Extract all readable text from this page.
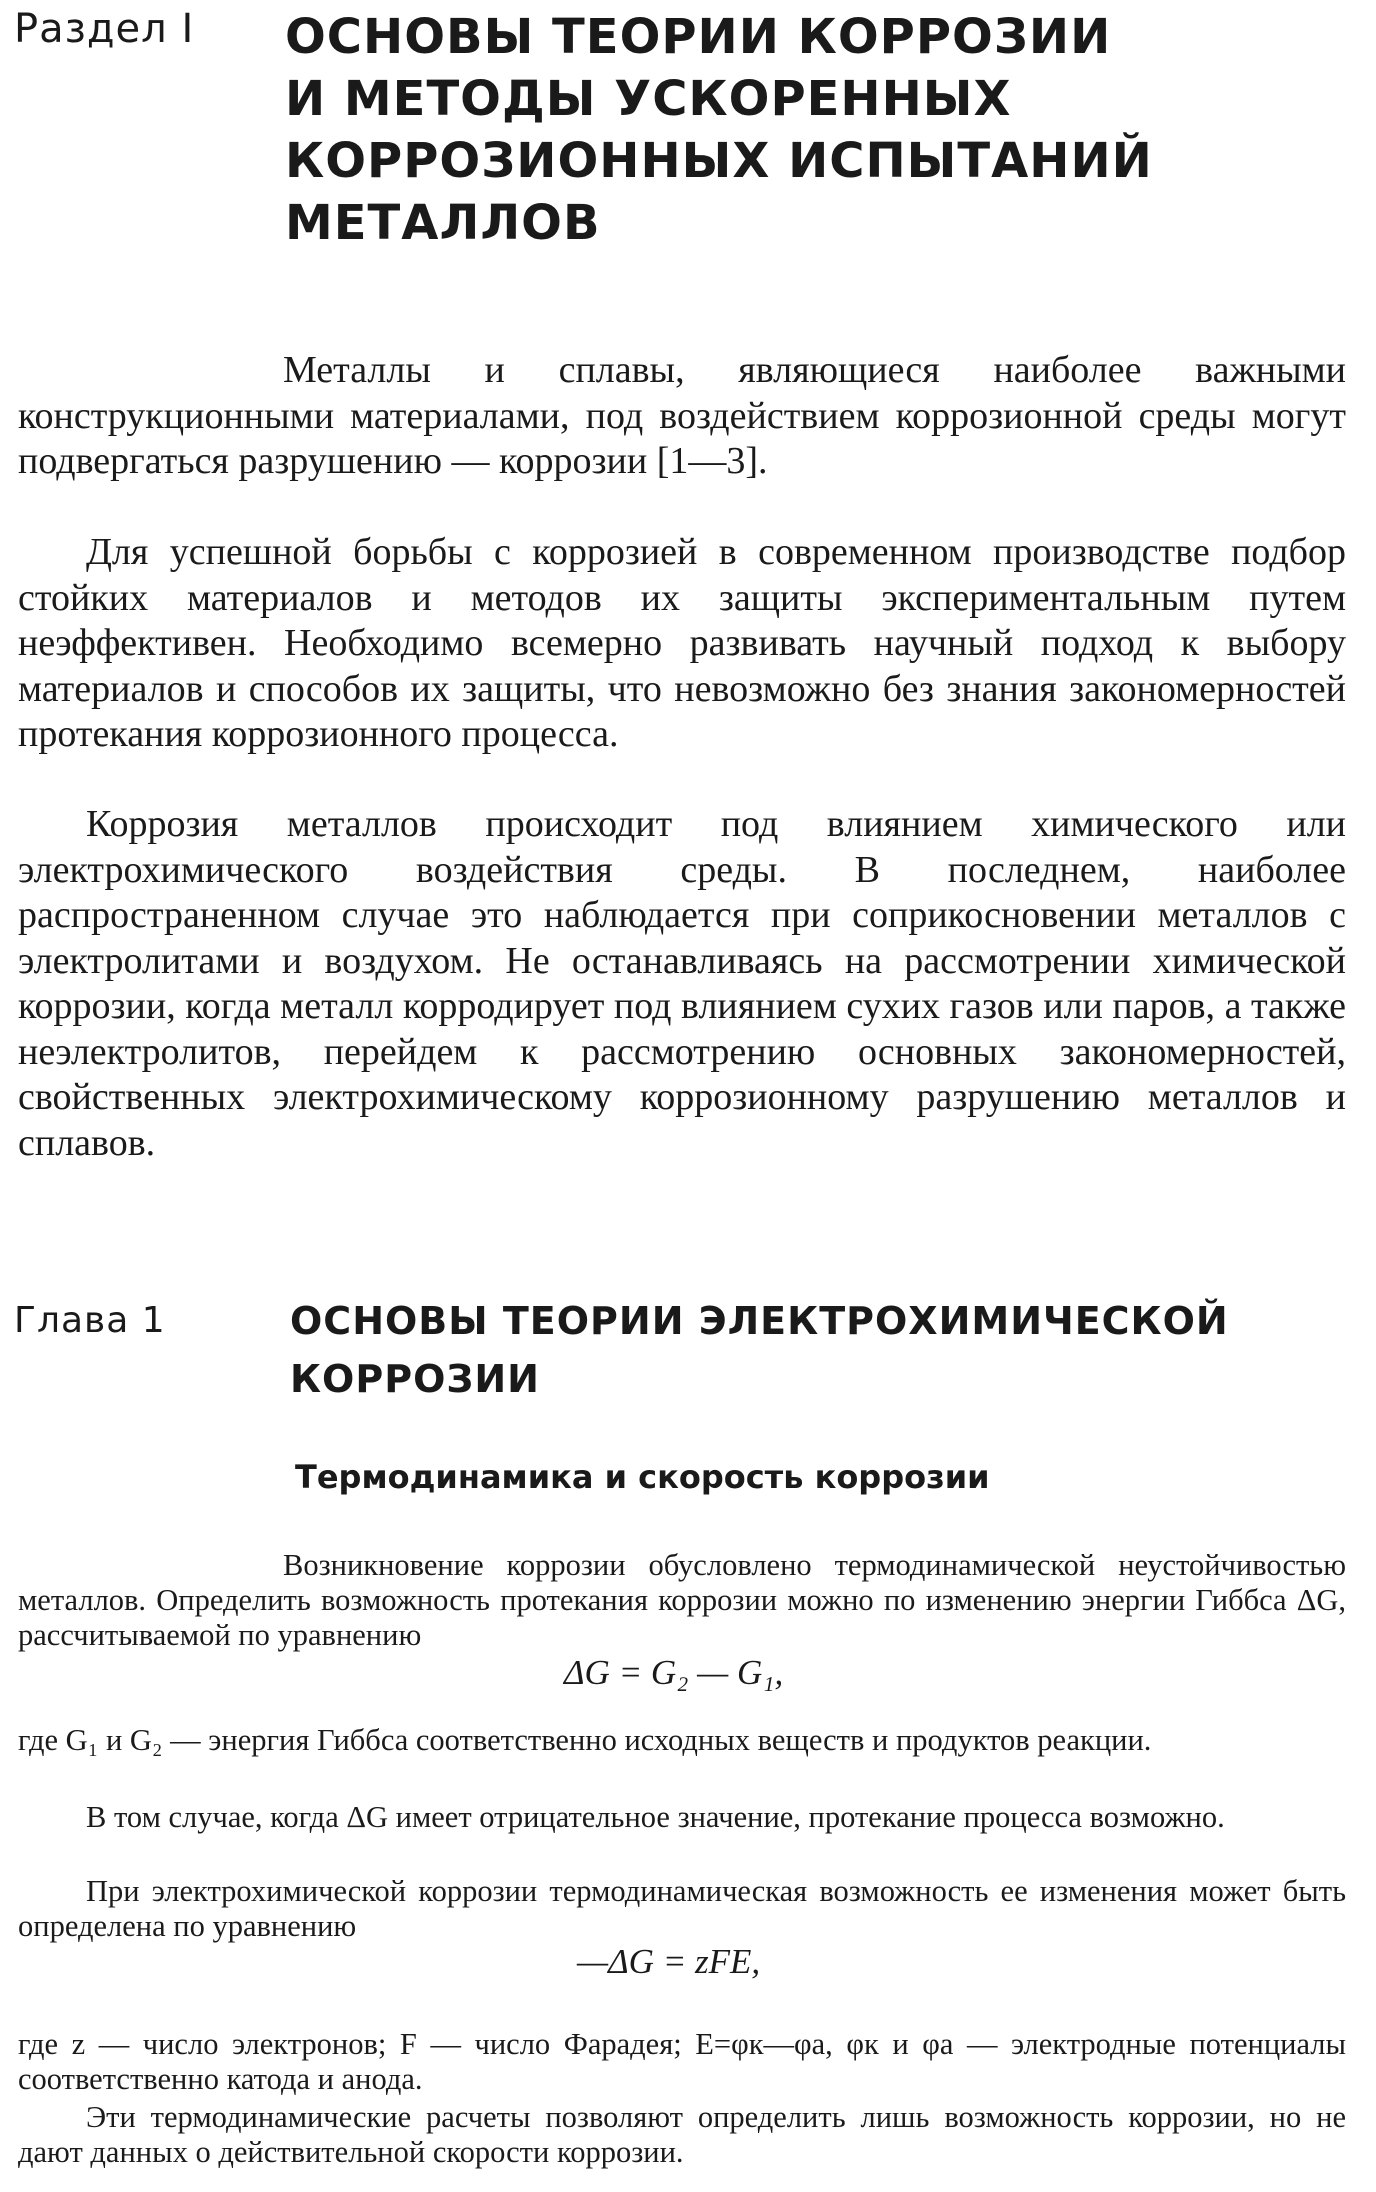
Раздел I ОСНОВЫ ТЕОРИИ КОРРОЗИИ
И МЕТОДЫ УСКОРЕННЫХ
КОРРОЗИОННЫХ ИСПЫТАНИЙ
МЕТАЛЛОВ

Металлы и сплавы, являющиеся наиболее важными конструкционными материалами, под воздействием коррозионной среды могут подвергаться разрушению — коррозии [1—3].

Для успешной борьбы с коррозией в современном производстве подбор стойких материалов и методов их защиты экспериментальным путем неэффективен. Необходимо всемерно развивать научный подход к выбору материалов и способов их защиты, что невозможно без знания закономерностей протекания коррозионного процесса.

Коррозия металлов происходит под влиянием химического или электрохимического воздействия среды. В последнем, наиболее распространенном случае это наблюдается при соприкосновении металлов с электролитами и воздухом. Не останавливаясь на рассмотрении химической коррозии, когда металл корродирует под влиянием сухих газов или паров, а также неэлектролитов, перейдем к рассмотрению основных закономерностей, свойственных электрохимическому коррозионному разрушению металлов и сплавов.

Глава 1	ОСНОВЫ ТЕОРИИ ЭЛЕКТРОХИМИЧЕСКОЙ
КОРРОЗИИ
Термодинамика и скорость коррозии

Возникновение коррозии обусловлено термодинамической неустойчивостью металлов. Определить возможность протекания коррозии можно по изменению энергии Гиббса ΔG, рассчитываемой по уравнению

ΔG = G₂ — G₁,

где G₁ и G₂ — энергия Гиббса соответственно исходных веществ и продуктов реакции.

В том случае, когда ΔG имеет отрицательное значение, протекание процесса возможно.

При электрохимической коррозии термодинамическая возможность ее изменения может быть определена по уравнению

—ΔG = zFE,

где z — число электронов; F — число Фарадея; E=φк—φа, φк и φа — электродные потенциалы соответственно катода и анода.

Эти термодинамические расчеты позволяют определить лишь возможность коррозии, но не дают данных о действительной скорости коррозии.
